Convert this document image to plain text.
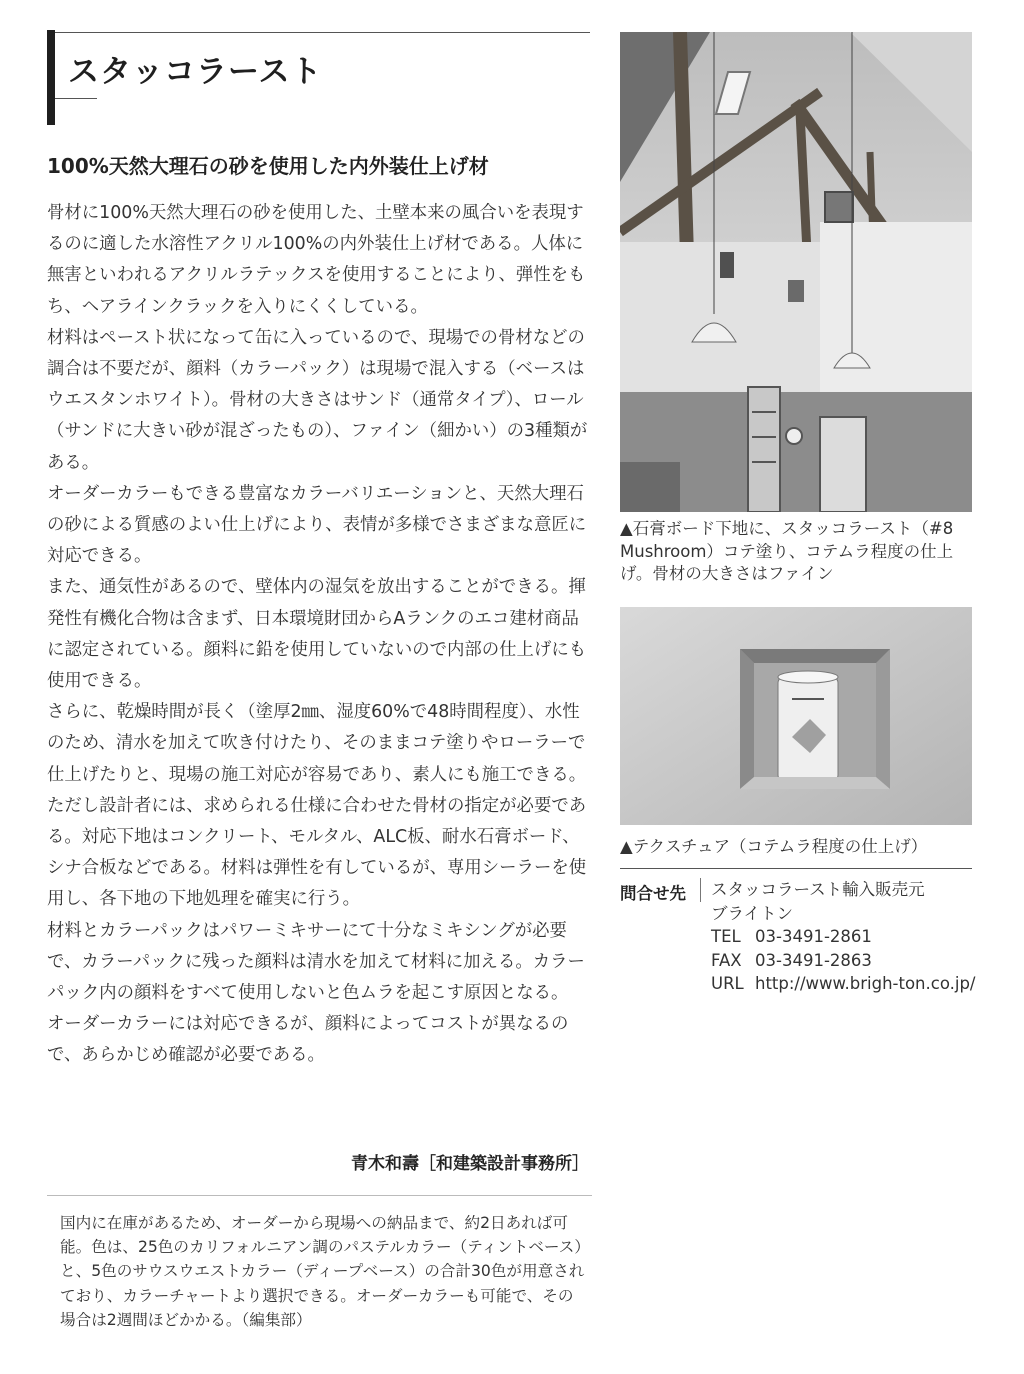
スタッコラースト
100%天然大理石の砂を使用した内外装仕上げ材

骨材に100%天然大理石の砂を使用した、土壁本来の風合いを表現するのに適した水溶性アクリル100%の内外装仕上げ材である。人体に無害といわれるアクリルラテックスを使用することにより、弾性をもち、ヘアラインクラックを入りにくくしている。

材料はペースト状になって缶に入っているので、現場での骨材などの調合は不要だが、顔料（カラーパック）は現場で混入する（ベースはウエスタンホワイト）。骨材の大きさはサンド（通常タイプ）、ロール（サンドに大きい砂が混ざったもの）、ファイン（細かい）の3種類がある。

オーダーカラーもできる豊富なカラーバリエーションと、天然大理石の砂による質感のよい仕上げにより、表情が多様でさまざまな意匠に対応できる。

また、通気性があるので、壁体内の湿気を放出することができる。揮発性有機化合物は含まず、日本環境財団からAランクのエコ建材商品に認定されている。顔料に鉛を使用していないので内部の仕上げにも使用できる。

さらに、乾燥時間が長く（塗厚2㎜、湿度60%で48時間程度）、水性のため、清水を加えて吹き付けたり、そのままコテ塗りやローラーで仕上げたりと、現場の施工対応が容易であり、素人にも施工できる。

ただし設計者には、求められる仕様に合わせた骨材の指定が必要である。対応下地はコンクリート、モルタル、ALC板、耐水石膏ボード、シナ合板などである。材料は弾性を有しているが、専用シーラーを使用し、各下地の下地処理を確実に行う。

材料とカラーパックはパワーミキサーにて十分なミキシングが必要で、カラーパックに残った顔料は清水を加えて材料に加える。カラーパック内の顔料をすべて使用しないと色ムラを起こす原因となる。

オーダーカラーには対応できるが、顔料によってコストが異なるので、あらかじめ確認が必要である。

青木和壽［和建築設計事務所］

国内に在庫があるため、オーダーから現場への納品まで、約2日あれば可能。色は、25色のカリフォルニアン調のパステルカラー（ティントベース）と、5色のサウスウエストカラー（ディープベース）の合計30色が用意されており、カラーチャートより選択できる。オーダーカラーも可能で、その場合は2週間ほどかかる。（編集部）

▲石膏ボード下地に、スタッコラースト（#8 Mushroom）コテ塗り、コテムラ程度の仕上げ。骨材の大きさはファイン

▲テクスチュア（コテムラ程度の仕上げ）

問合せ先 スタッコラースト輸入販売元
ブライトン
TEL 03-3491-2861
FAX 03-3491-2863
URL http://www.brigh-ton.co.jp/
